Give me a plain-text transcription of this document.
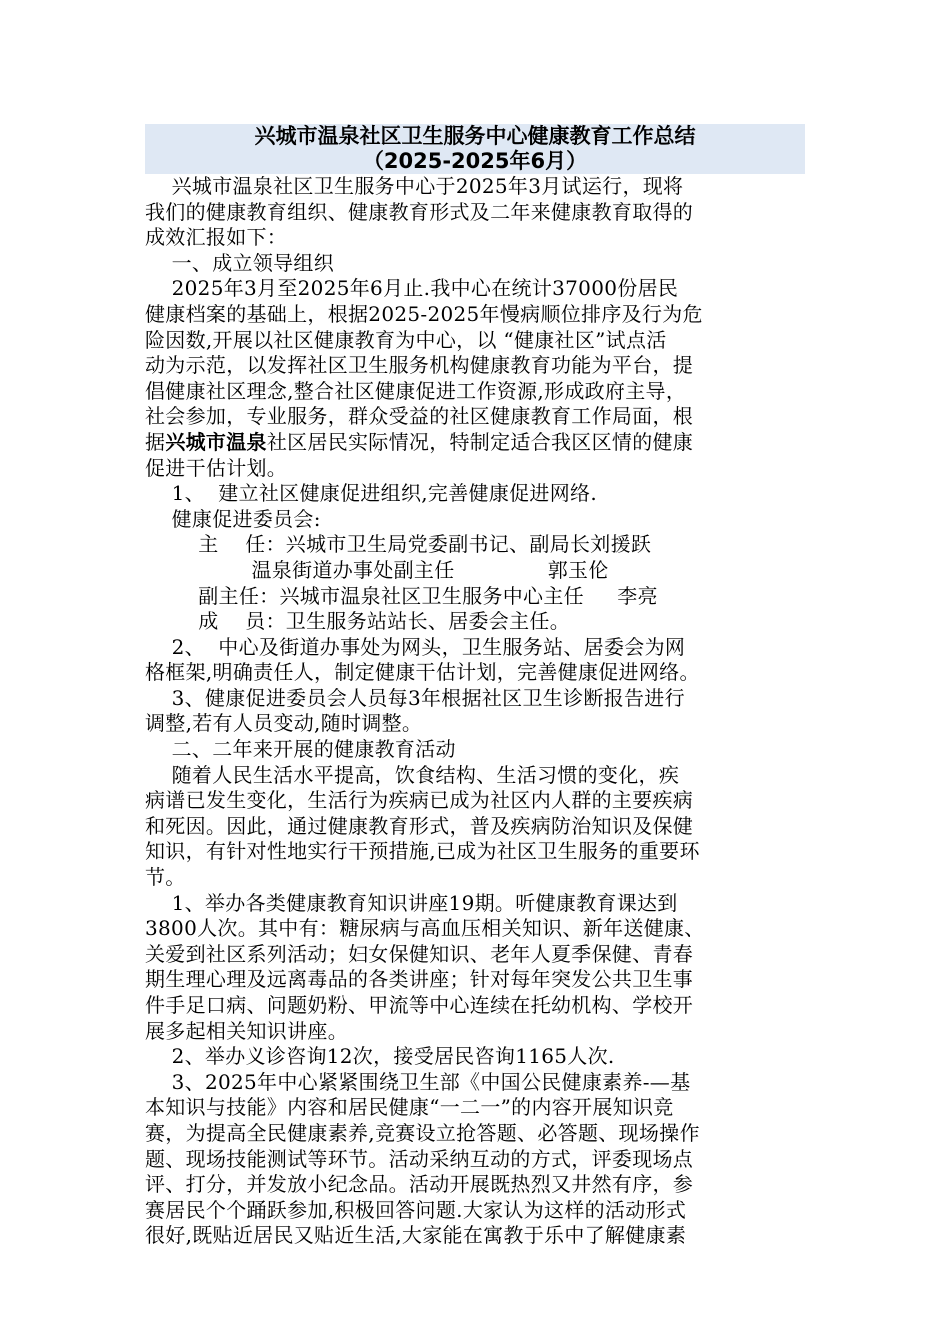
兴城市温泉社区卫生服务中心健康教育工作总结
（2025-2025年6月）
兴城市温泉社区卫生服务中心于2025年3月试运行，现将
我们的健康教育组织、健康教育形式及二年来健康教育取得的
成效汇报如下：
一、成立领导组织
2025年3月至2025年6月止.我中心在统计37000份居民
健康档案的基础上，根据2025-2025年慢病顺位排序及行为危
险因数,开展以社区健康教育为中心，以 “健康社区”试点活
动为示范，以发挥社区卫生服务机构健康教育功能为平台，提
倡健康社区理念,整合社区健康促进工作资源,形成政府主导，
社会参加，专业服务，群众受益的社区健康教育工作局面，根
据兴城市温泉社区居民实际情况，特制定适合我区区情的健康
促进干估计划。
1、  建立社区健康促进组织,完善健康促进网络.
健康促进委员会:
主    任：兴城市卫生局党委副书记、副局长刘援跃
温泉街道办事处副主任              郭玉伦
副主任：兴城市温泉社区卫生服务中心主任     李亮
成    员：卫生服务站站长、居委会主任。
2、  中心及街道办事处为网头，卫生服务站、居委会为网
格框架,明确责任人，制定健康干估计划，完善健康促进网络。
3、健康促进委员会人员每3年根据社区卫生诊断报告进行
调整,若有人员变动,随时调整。
二、二年来开展的健康教育活动
随着人民生活水平提高，饮食结构、生活习惯的变化，疾
病谱已发生变化，生活行为疾病已成为社区内人群的主要疾病
和死因。因此，通过健康教育形式，普及疾病防治知识及保健
知识，有针对性地实行干预措施,已成为社区卫生服务的重要环
节。
1、举办各类健康教育知识讲座19期。听健康教育课达到
3800人次。其中有：糖尿病与高血压相关知识、新年送健康、
关爱到社区系列活动；妇女保健知识、老年人夏季保健、青春
期生理心理及远离毒品的各类讲座；针对每年突发公共卫生事
件手足口病、问题奶粉、甲流等中心连续在托幼机构、学校开
展多起相关知识讲座。
2、举办义诊咨询12次，接受居民咨询1165人次.
3、2025年中心紧紧围绕卫生部《中国公民健康素养-—基
本知识与技能》内容和居民健康“一二一”的内容开展知识竞
赛，为提高全民健康素养,竞赛设立抢答题、必答题、现场操作
题、现场技能测试等环节。活动采纳互动的方式，评委现场点
评、打分，并发放小纪念品。活动开展既热烈又井然有序，参
赛居民个个踊跃参加,积极回答问题.大家认为这样的活动形式
很好,既贴近居民又贴近生活,大家能在寓教于乐中了解健康素
